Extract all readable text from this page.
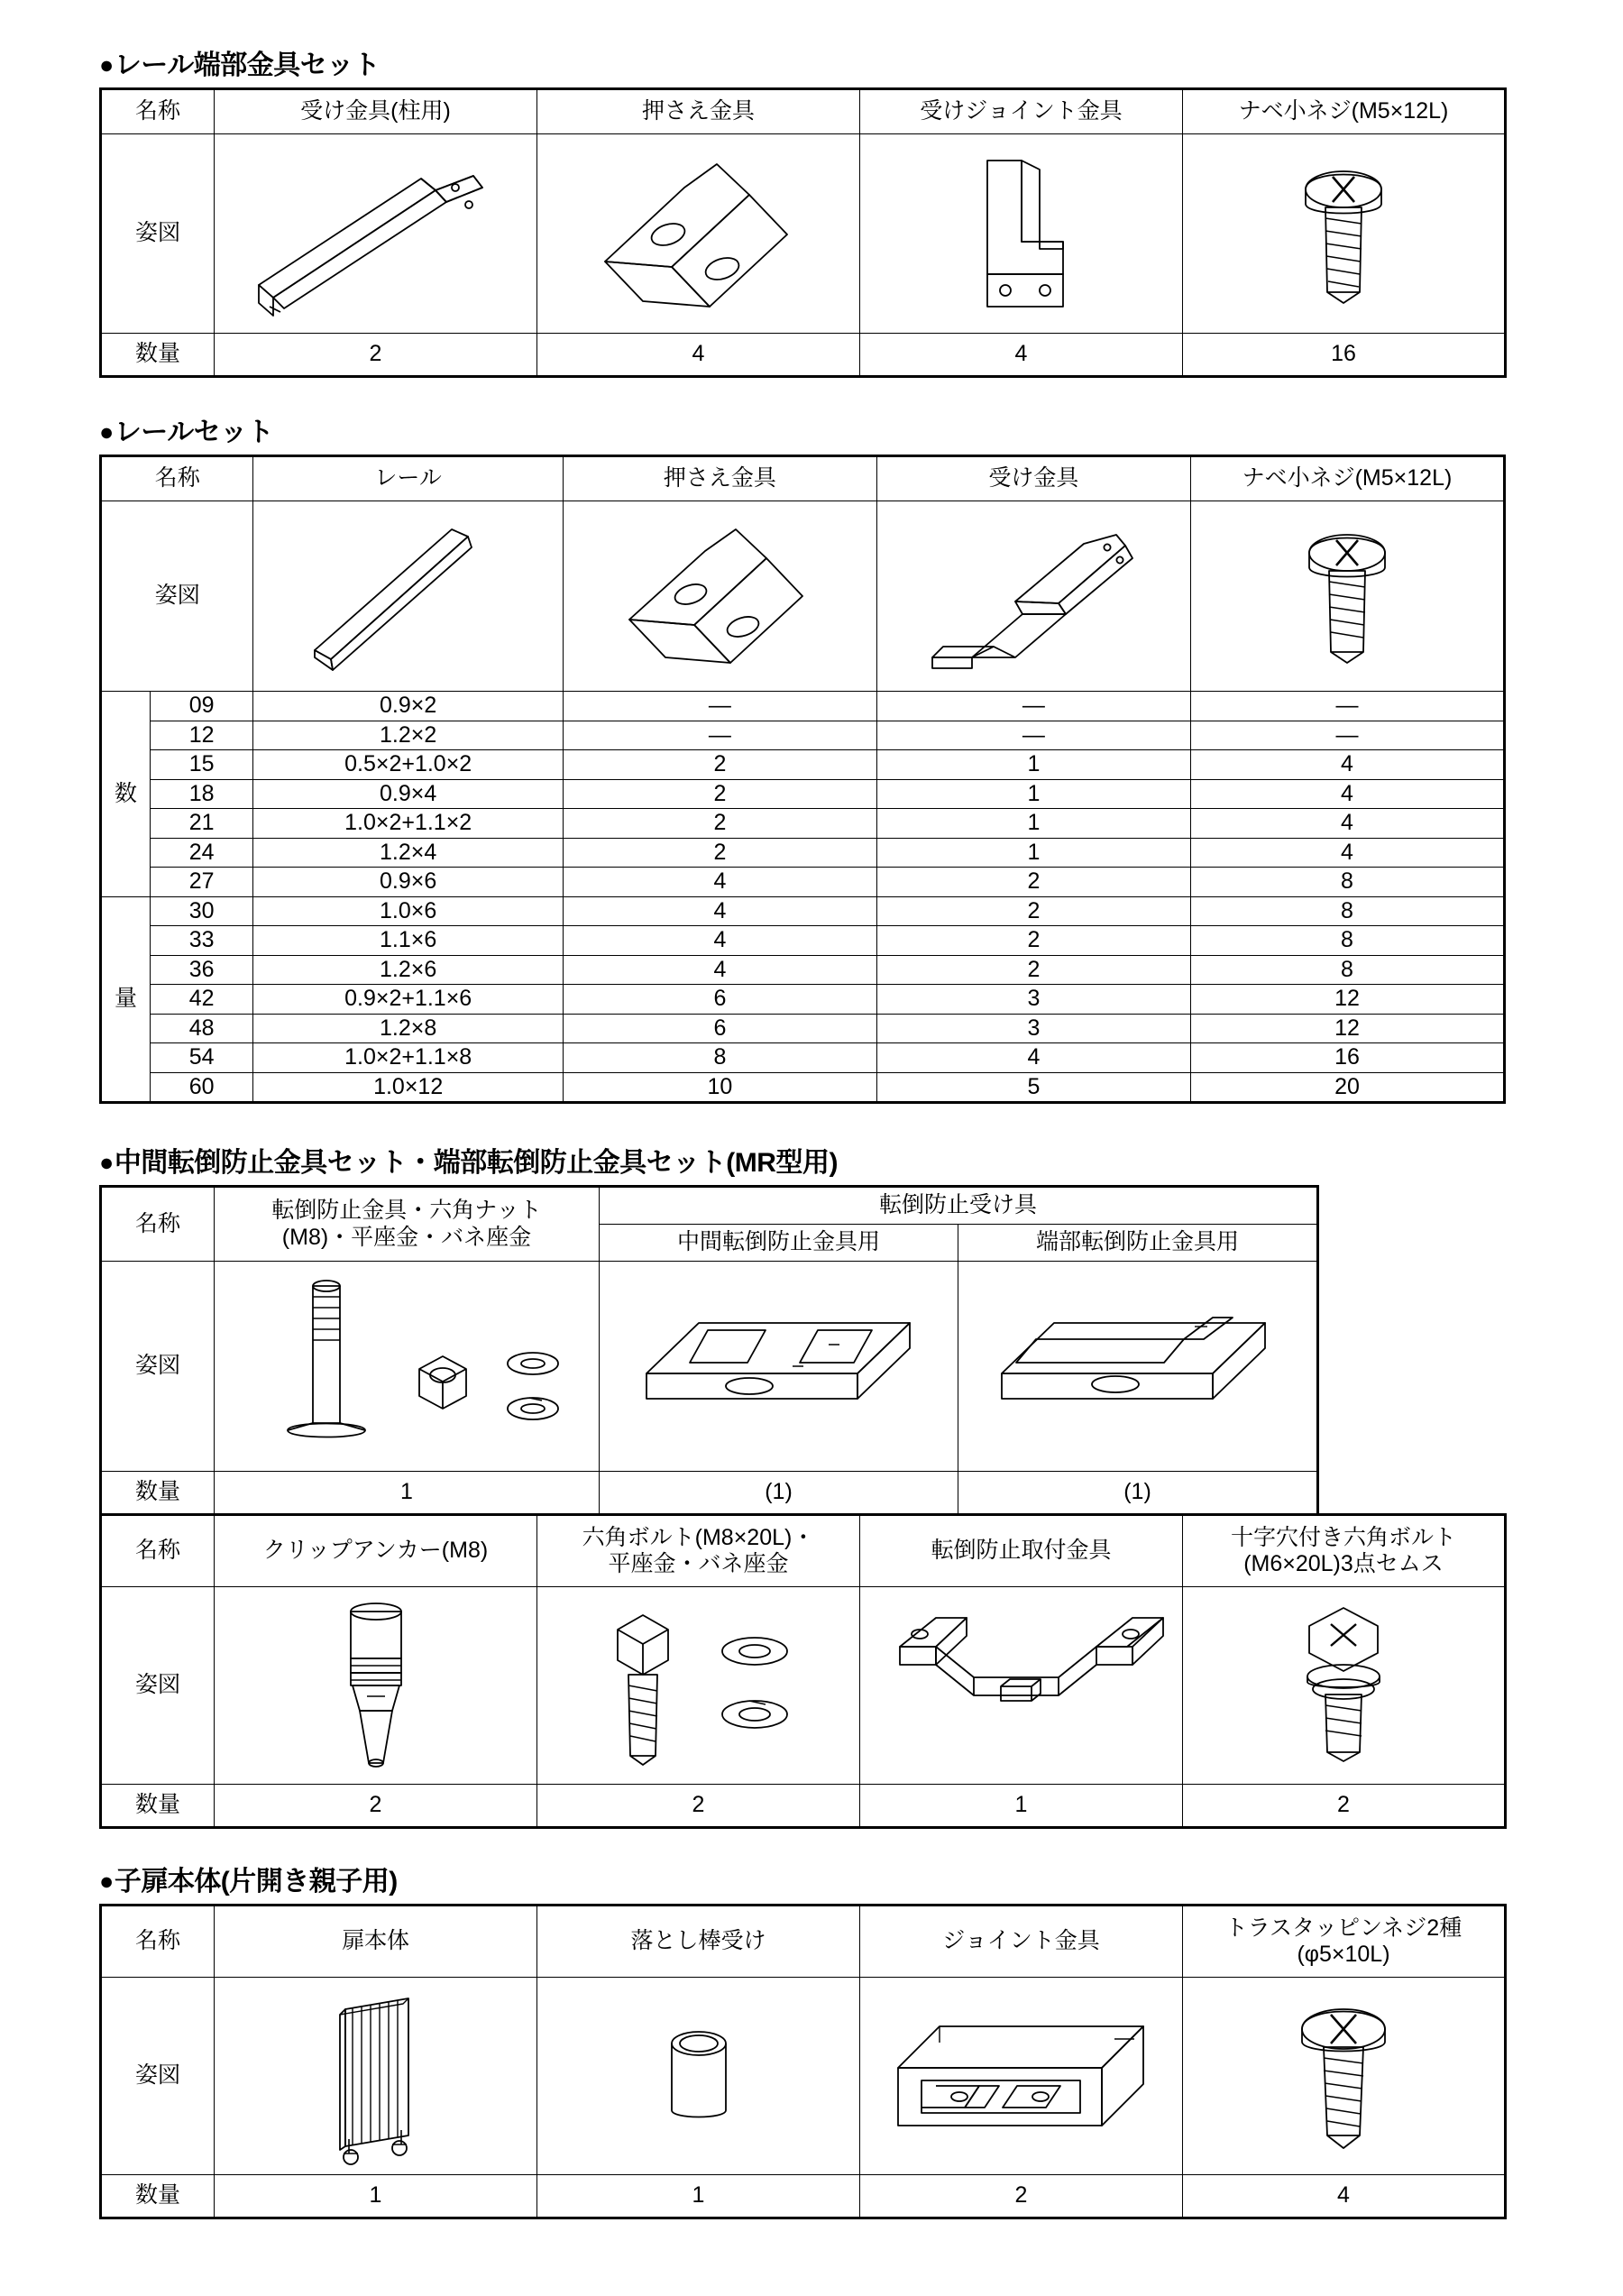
●レール端部金具セット
名称	受け金具(柱用)	押さえ金具	受けジョイント金具	ナベ小ネジ(M5×12L)
姿図	

数量	2	4	4	16
●レールセット
名称		レール	押さえ金具	受け金具	ナベ小ネジ(M5×12L)
姿図	

数	09	0.9×2	—	—	—
	12	1.2×2	—	—	—
	15	0.5×2+1.0×2	2	1	4
	18	0.9×4	2	1	4
	21	1.0×2+1.1×2	2	1	4
	24	1.2×4	2	1	4
	27	0.9×6	4	2	8
量	30	1.0×6	4	2	8
	33	1.1×6	4	2	8
	36	1.2×6	4	2	8
	42	0.9×2+1.1×6	6	3	12
	48	1.2×8	6	3	12
	54	1.0×2+1.1×8	8	4	16
	60	1.0×12	10	5	20
●中間転倒防止金具セット・端部転倒防止金具セット(MR型用)
名称	転倒防止金具・六角ナット
(M8)・平座金・バネ座金	転倒防止受け具	
		中間転倒防止金具用	端部転倒防止金具用
姿図	

数量	1	(1)	(1)
名称	クリップアンカー(M8)	六角ボルト(M8×20L)・
平座金・バネ座金	転倒防止取付金具	十字穴付き六角ボルト
(M6×20L)3点セムス

姿図	

数量	2	2	1	2
●子扉本体(片開き親子用)
名称	扉本体	落とし棒受け	ジョイント金具	トラスタッピンネジ2種
(φ5×10L)

姿図	

数量	1	1	2	4
